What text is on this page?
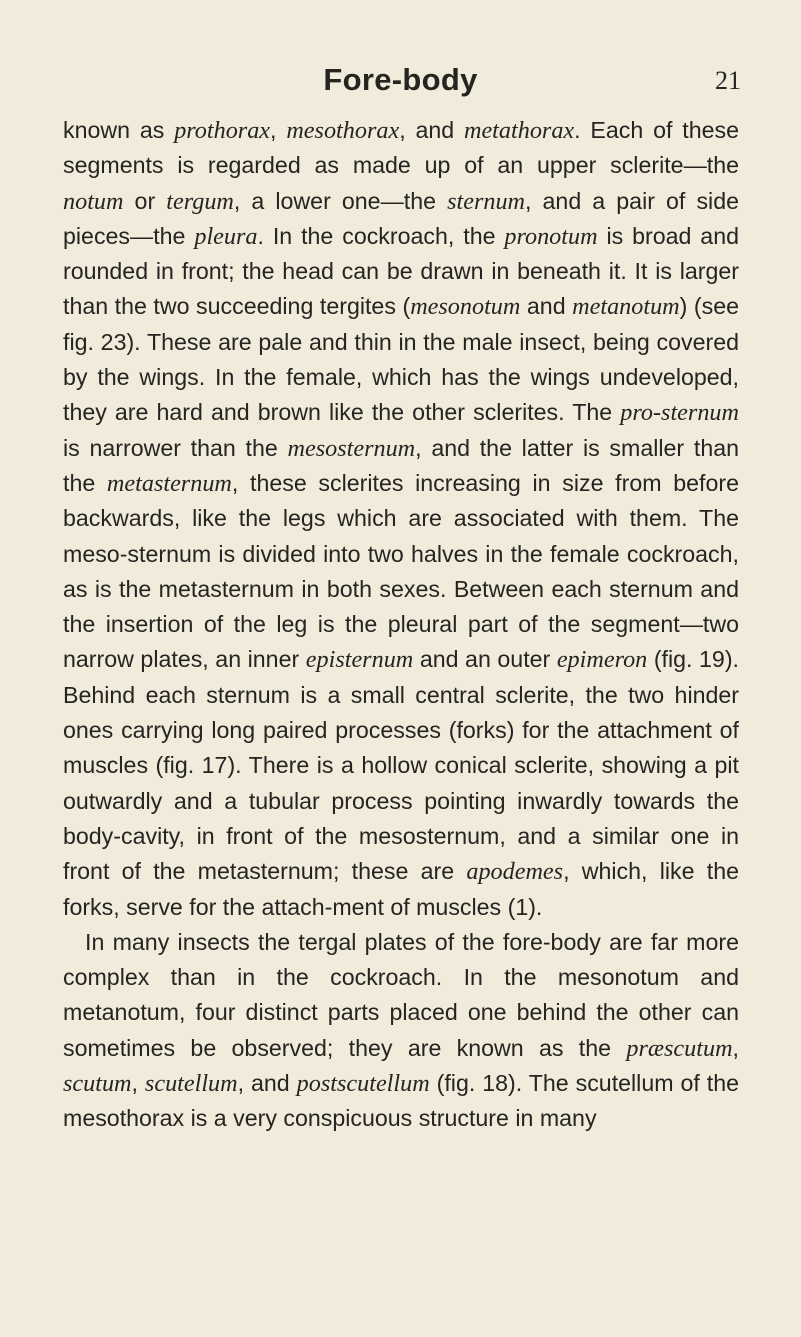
Fore-body	21

known as prothorax, mesothorax, and metathorax. Each of these segments is regarded as made up of an upper sclerite—the notum or tergum, a lower one—the sternum, and a pair of side pieces—the pleura. In the cockroach, the pronotum is broad and rounded in front; the head can be drawn in beneath it. It is larger than the two succeeding tergites (mesonotum and metanotum) (see fig. 23). These are pale and thin in the male insect, being covered by the wings. In the female, which has the wings undeveloped, they are hard and brown like the other sclerites. The pro-sternum is narrower than the mesosternum, and the latter is smaller than the metasternum, these sclerites increasing in size from before backwards, like the legs which are associated with them. The meso-sternum is divided into two halves in the female cockroach, as is the metasternum in both sexes. Between each sternum and the insertion of the leg is the pleural part of the segment—two narrow plates, an inner episternum and an outer epimeron (fig. 19). Behind each sternum is a small central sclerite, the two hinder ones carrying long paired processes (forks) for the attachment of muscles (fig. 17). There is a hollow conical sclerite, showing a pit outwardly and a tubular process pointing inwardly towards the body-cavity, in front of the mesosternum, and a similar one in front of the metasternum; these are apodemes, which, like the forks, serve for the attach-ment of muscles (1).

In many insects the tergal plates of the fore-body are far more complex than in the cockroach. In the mesonotum and metanotum, four distinct parts placed one behind the other can sometimes be observed; they are known as the præscutum, scutum, scutellum, and postscutellum (fig. 18). The scutellum of the mesothorax is a very conspicuous structure in many
